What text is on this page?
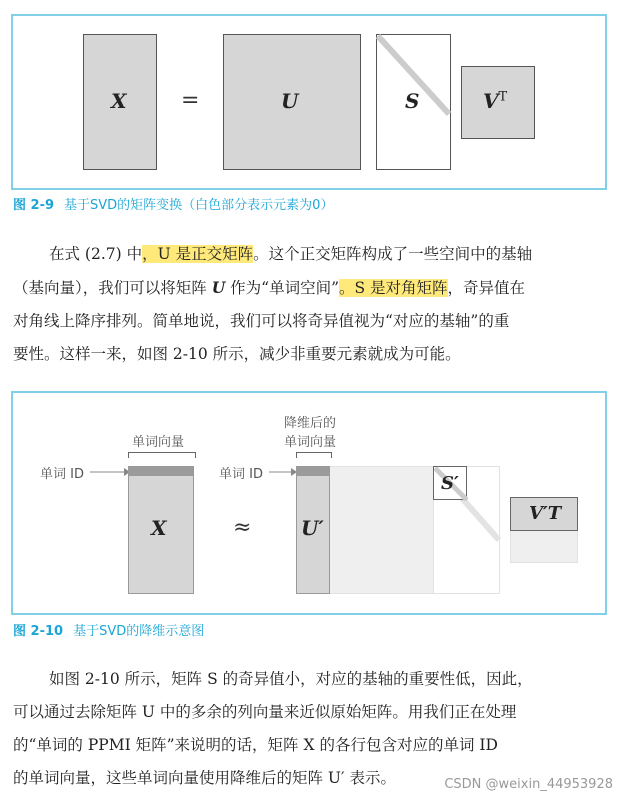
X =	U	S	$V^T$
图 2-9 基于SVD的矩阵变换（白色部分表示元素为0）
在式 (2.7) 中，U 是正交矩阵。这个正交矩阵构成了一些空间中的基轴
（基向量），我们可以将矩阵 U 作为“单词空间”。S 是对角矩阵，奇异值在
对角线上降序排列。简单地说，我们可以将奇异值视为“对应的基轴”的重
要性。这样一来，如图 2-10 所示，减少非重要元素就成为可能。
单词向量
降维后的
单词向量
单词 ID	单词 ID
X	≈ U′
S′
V′T
图 2-10 基于SVD的降维示意图
如图 2-10 所示，矩阵 S 的奇异值小，对应的基轴的重要性低，因此，
可以通过去除矩阵 U 中的多余的列向量来近似原始矩阵。用我们正在处理
的“单词的 PPMI 矩阵”来说明的话，矩阵 X 的各行包含对应的单词 ID
的单词向量，这些单词向量使用降维后的矩阵 U′ 表示。	CSDN @weixin_44953928
